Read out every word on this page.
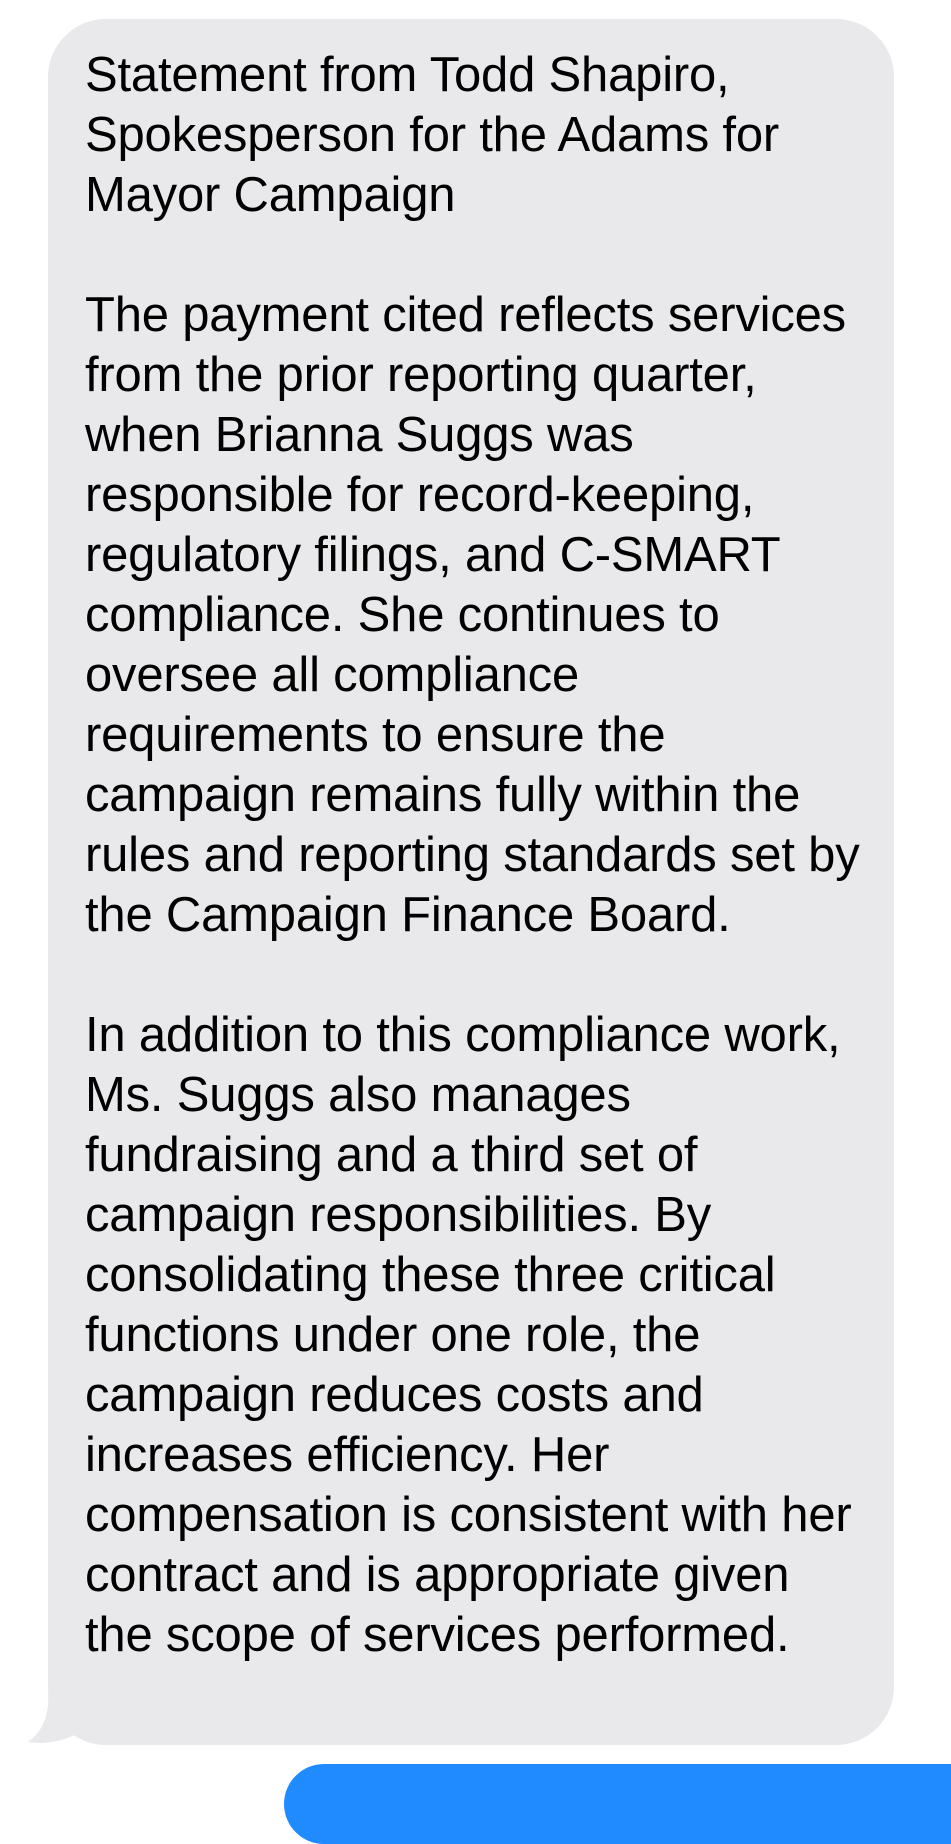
Statement from Todd Shapiro, Spokesperson for the Adams for Mayor Campaign

The payment cited reflects services from the prior reporting quarter, when Brianna Suggs was responsible for record-keeping, regulatory filings, and C-SMART compliance. She continues to oversee all compliance requirements to ensure the campaign remains fully within the rules and reporting standards set by the Campaign Finance Board.

In addition to this compliance work, Ms. Suggs also manages fundraising and a third set of campaign responsibilities. By consolidating these three critical functions under one role, the campaign reduces costs and increases efficiency. Her compensation is consistent with her contract and is appropriate given the scope of services performed.
